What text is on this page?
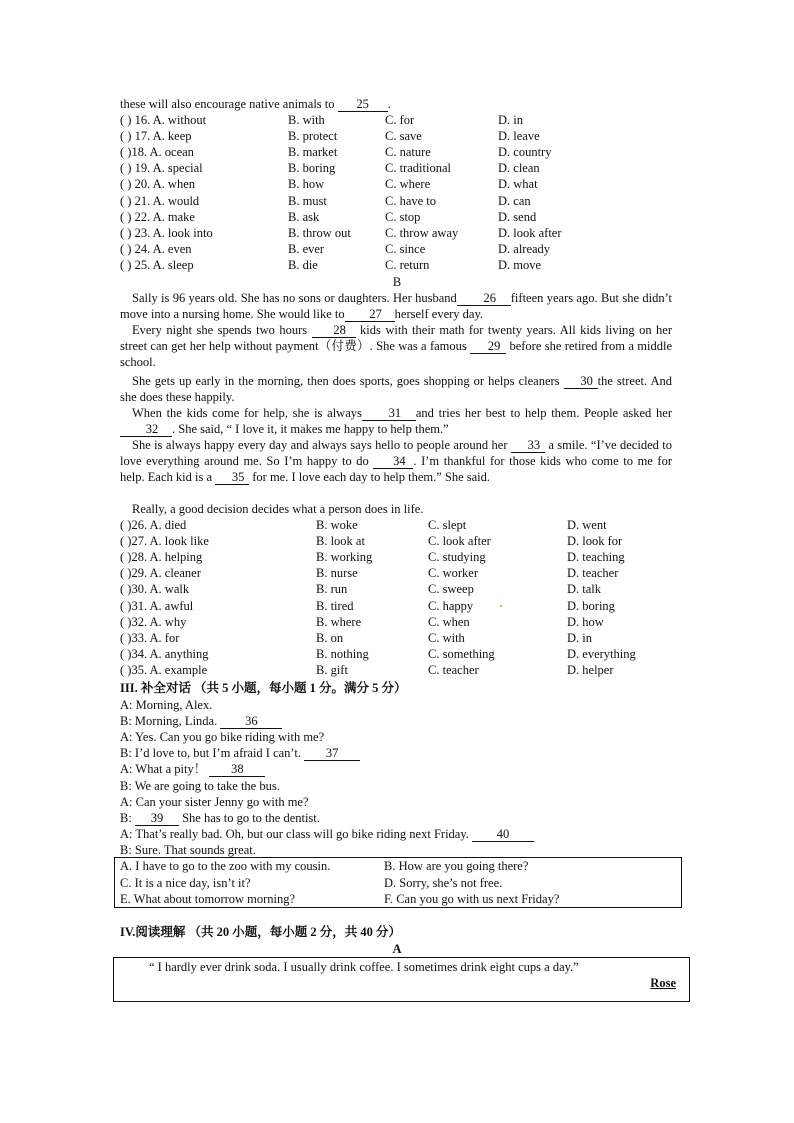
these will also encourage native animals to 25 .
( ) 16. A. without	B. with	C. for	D. in
( ) 17. A. keep	B. protect	C. save	D. leave
( )18. A. ocean	B. market	C. nature	D. country
( ) 19. A. special	B. boring	C. traditional	D. clean
( ) 20. A. when	B. how	C. where	D. what
( ) 21. A. would	B. must	C. have to	D. can
( ) 22. A. make	B. ask	C. stop	D. send
( ) 23. A. look into	B. throw out	C. throw away	D. look after
( ) 24. A. even	B. ever	C. since	D. already
( ) 25. A. sleep	B. die	C. return	D. move
B
Sally is 96 years old. She has no sons or daughters. Her husband 26 fifteen years ago. But she didn’t move into a nursing home. She would like to 27 herself every day.
Every night she spends two hours 28 kids with their math for twenty years. All kids living on her street can get her help without payment（付费）. She was a famous 29 before she retired from a middle school.
She gets up early in the morning, then does sports, goes shopping or helps cleaners 30 the street. And she does these happily.
When the kids come for help, she is always 31 and tries her best to help them. People asked her 32 . She said, “ I love it, it makes me happy to help them.”
She is always happy every day and always says hello to people around her 33 a smile. “I’ve decided to love everything around me. So I’m happy to do 34 . I’m thankful for those kids who come to me for help. Each kid is a 35 for me. I love each day to help them.” She said.
Really, a good decision decides what a person does in life.
( )26. A. died	B. woke	C. slept	D. went
( )27. A. look like	B. look at	C. look after	D. look for
( )28. A. helping	B. working	C. studying	D. teaching
( )29. A. cleaner	B. nurse	C. worker	D. teacher
( )30. A. walk	B. run	C. sweep	D. talk
( )31. A. awful	B. tired	C. happy	D. boring
( )32. A. why	B. where	C. when	D. how
( )33. A. for	B. on	C. with	D. in
( )34. A. anything	B. nothing	C. something	D. everything
( )35. A. example	B. gift	C. teacher	D. helper
III. 补全对话 （共 5 小题，每小题 1 分。满分 5 分）
A: Morning, Alex.
B: Morning, Linda. 36
A: Yes. Can you go bike riding with me?
B: I’d love to, but I’m afraid I can’t. 37
A: What a pity！ 38
B: We are going to take the bus.
A: Can your sister Jenny go with me?
B: 39 She has to go to the dentist.
A: That’s really bad. Oh, but our class will go bike riding next Friday. 40
B: Sure. That sounds great.
A. I have to go to the zoo with my cousin.	B. How are you going there?
C. It is a nice day, isn’t it?	D. Sorry, she’s not free.
E. What about tomorrow morning?	F. Can you go with us next Friday?
IV.阅读理解 （共 20 小题，每小题 2 分，共 40 分）
A
“ I hardly ever drink soda. I usually drink coffee. I sometimes drink eight cups a day.”
Rose
